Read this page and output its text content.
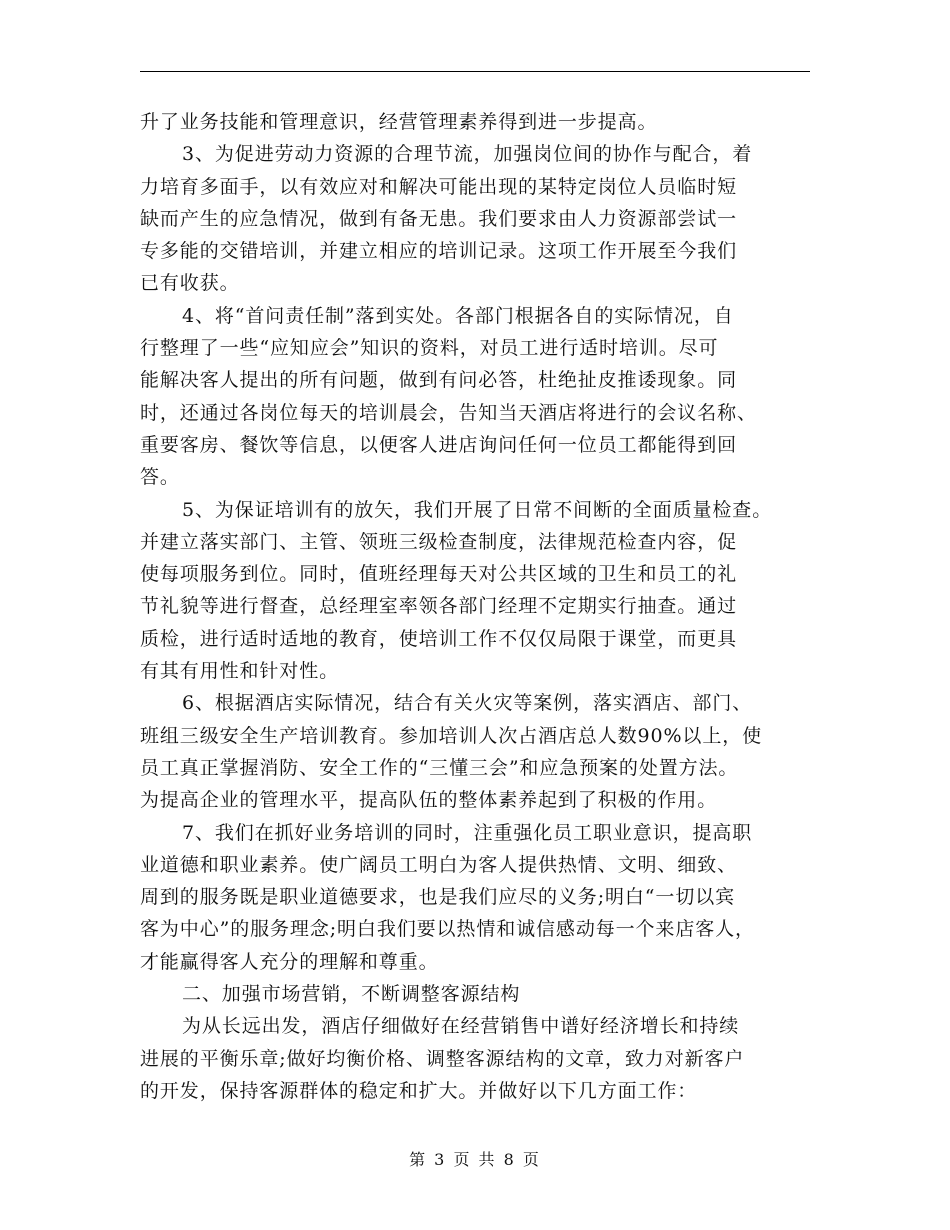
升了业务技能和管理意识，经营管理素养得到进一步提高。
3、为促进劳动力资源的合理节流，加强岗位间的协作与配合，着
力培育多面手，以有效应对和解决可能出现的某特定岗位人员临时短
缺而产生的应急情况，做到有备无患。我们要求由人力资源部尝试一
专多能的交错培训，并建立相应的培训记录。这项工作开展至今我们
已有收获。
4、将“首问责任制”落到实处。各部门根据各自的实际情况，自
行整理了一些“应知应会”知识的资料，对员工进行适时培训。尽可
能解决客人提出的所有问题，做到有问必答，杜绝扯皮推诿现象。同
时，还通过各岗位每天的培训晨会，告知当天酒店将进行的会议名称、
重要客房、餐饮等信息，以便客人进店询问任何一位员工都能得到回
答。
5、为保证培训有的放矢，我们开展了日常不间断的全面质量检查。
并建立落实部门、主管、领班三级检查制度，法律规范检查内容，促
使每项服务到位。同时，值班经理每天对公共区域的卫生和员工的礼
节礼貌等进行督查，总经理室率领各部门经理不定期实行抽查。通过
质检，进行适时适地的教育，使培训工作不仅仅局限于课堂，而更具
有其有用性和针对性。
6、根据酒店实际情况，结合有关火灾等案例，落实酒店、部门、
班组三级安全生产培训教育。参加培训人次占酒店总人数90%以上，使
员工真正掌握消防、安全工作的“三懂三会”和应急预案的处置方法。
为提高企业的管理水平，提高队伍的整体素养起到了积极的作用。
7、我们在抓好业务培训的同时，注重强化员工职业意识，提高职
业道德和职业素养。使广阔员工明白为客人提供热情、文明、细致、
周到的服务既是职业道德要求，也是我们应尽的义务;明白“一切以宾
客为中心”的服务理念;明白我们要以热情和诚信感动每一个来店客人，
才能赢得客人充分的理解和尊重。
二、加强市场营销，不断调整客源结构
为从长远出发，酒店仔细做好在经营销售中谱好经济增长和持续
进展的平衡乐章;做好均衡价格、调整客源结构的文章，致力对新客户
的开发，保持客源群体的稳定和扩大。并做好以下几方面工作：
第 3 页 共 8 页
